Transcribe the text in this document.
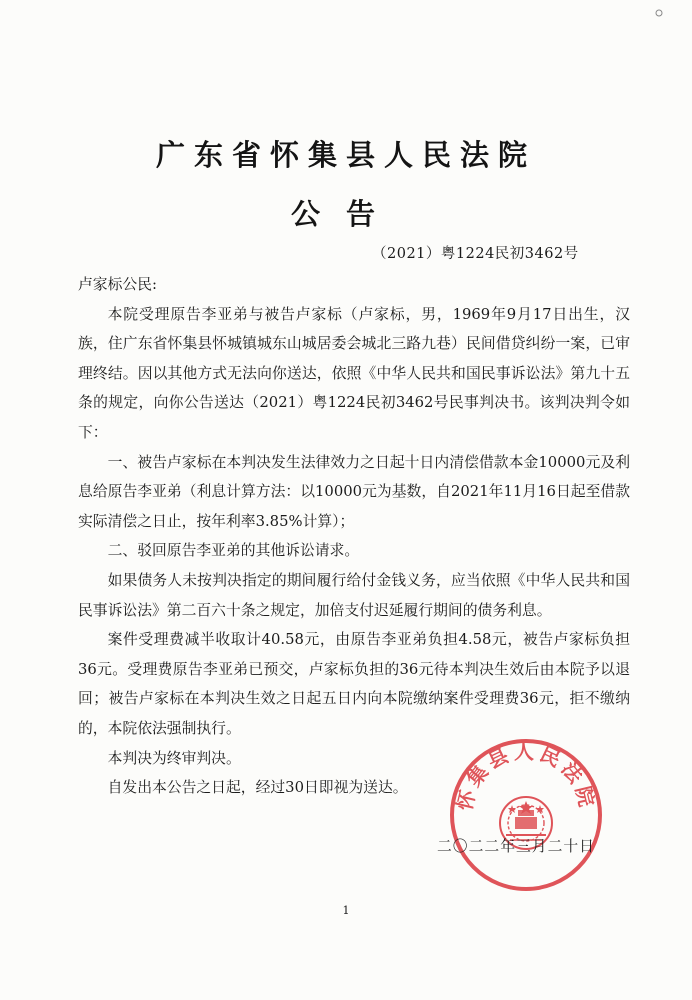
广东省怀集县人民法院
公告
（2021）粤1224民初3462号

卢家标公民:

本院受理原告李亚弟与被告卢家标（卢家标，男，1969年9月17日出生，汉族，住广东省怀集县怀城镇城东山城居委会城北三路九巷）民间借贷纠纷一案，已审理终结。因以其他方式无法向你送达，依照《中华人民共和国民事诉讼法》第九十五条的规定，向你公告送达（2021）粤1224民初3462号民事判决书。该判决判令如下：

一、被告卢家标在本判决发生法律效力之日起十日内清偿借款本金10000元及利息给原告李亚弟（利息计算方法：以10000元为基数，自2021年11月16日起至借款实际清偿之日止，按年利率3.85%计算）；

二、驳回原告李亚弟的其他诉讼请求。

如果债务人未按判决指定的期间履行给付金钱义务，应当依照《中华人民共和国民事诉讼法》第二百六十条之规定，加倍支付迟延履行期间的债务利息。

案件受理费减半收取计40.58元，由原告李亚弟负担4.58元，被告卢家标负担36元。受理费原告李亚弟已预交，卢家标负担的36元待本判决生效后由本院予以退回；被告卢家标在本判决生效之日起五日内向本院缴纳案件受理费36元，拒不缴纳的，本院依法强制执行。

本判决为终审判决。

自发出本公告之日起，经过30日即视为送达。	怀集县人民法院
二〇二二年三月二十日
1
